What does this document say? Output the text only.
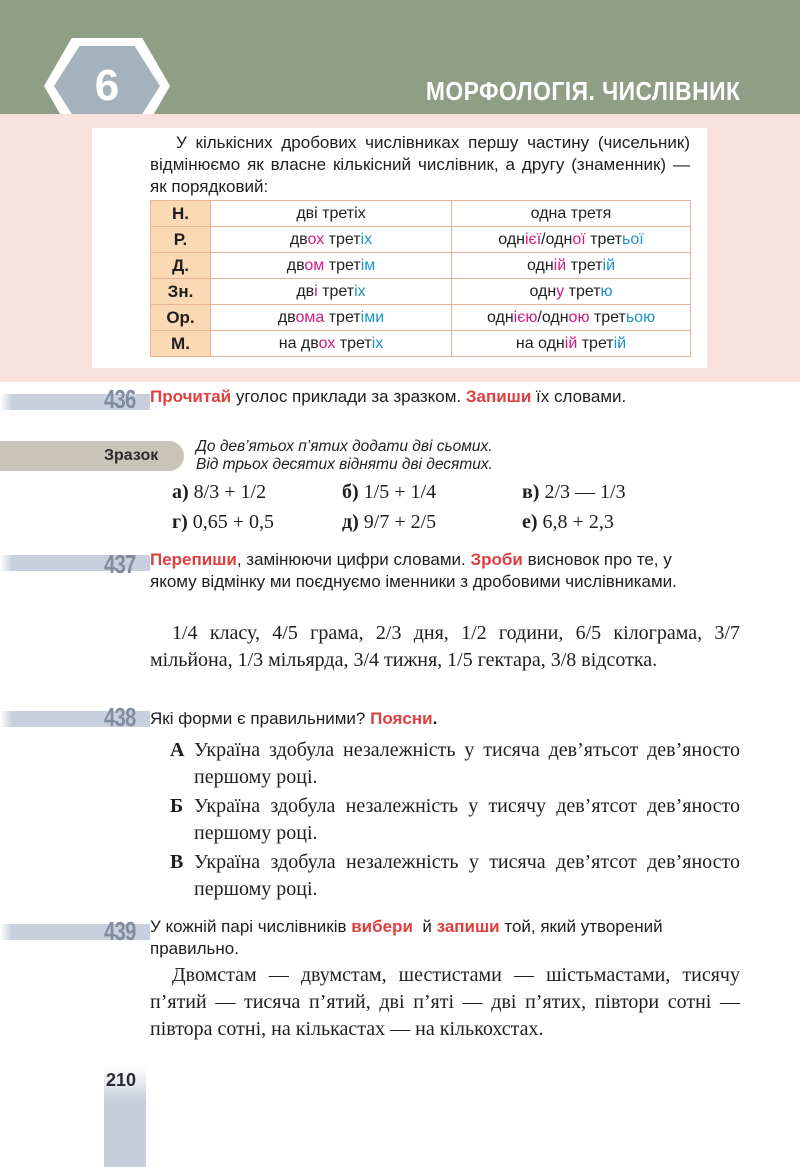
МОРФОЛОГІЯ. ЧИСЛІВНИК
6
У кількісних дробових числівниках першу частину (чисельник) відмінюємо як власне кількісний числівник, а другу (знаменник) — як порядковий:
Н.	дві третіх	одна третя
Р.	двох третіх	однієї/одної третьої
Д.	двом третім	одній третій
Зн.	дві третіх	одну третю
Ор.	двома третіми	однією/одною третьою
М.	на двох третіх	на одній третій
436 Прочитай уголос приклади за зразком. Запиши їх словами.
Зразок
До дев’ятьох п’ятих додати дві сьомих.
Від трьох десятих відняти дві десятих.
а) 8/3 + 1/2	б) 1/5 + 1/4	в) 2/3 — 1/3
г) 0,65 + 0,5	д) 9/7 + 2/5	е) 6,8 + 2,3
437 Перепиши, замінюючи цифри словами. Зроби висновок про те, у якому відмінку ми поєднуємо іменники з дробовими числівниками.
1/4 класу, 4/5 грама, 2/3 дня, 1/2 години, 6/5 кілограма, 3/7 мільйона, 1/3 мільярда, 3/4 тижня, 1/5 гектара, 3/8 відсотка.
438 Які форми є правильними? Поясни.
А Україна здобула незалежність у тисяча дев’ятьсот дев’яносто першому році.
Б Україна здобула незалежність у тисячу дев’ятсот дев’яносто першому році.
В Україна здобула незалежність у тисяча дев’ятсот дев’яносто першому році.
439 У кожній парі числівників вибери  й запиши той, який утворений правильно.
Двомстам — двумстам, шестистами — шістьмастами, тисячу п’ятий — тисяча п’ятий, дві п’яті — дві п’ятих, півтори сотні — півтора сотні, на кількастах — на кількохстах.
210
